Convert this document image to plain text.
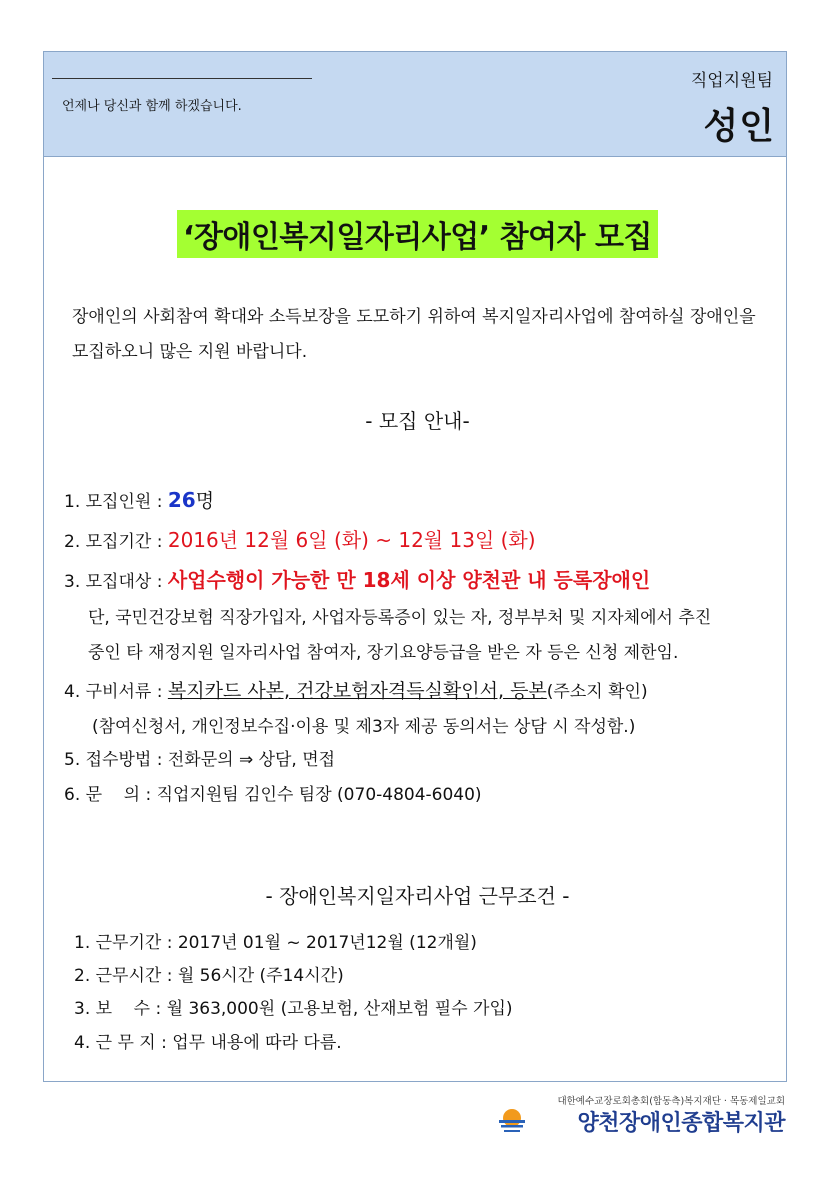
언제나 당신과 함께 하겠습니다.
직업지원팀
성인
‘장애인복지일자리사업’ 참여자 모집
장애인의 사회참여 확대와 소득보장을 도모하기 위하여 복지일자리사업에 참여하실 장애인을 모집하오니 많은 지원 바랍니다.
- 모집 안내-
1. 모집인원 : 26명
2. 모집기간 : 2016년 12월 6일 (화) ~ 12월 13일 (화)
3. 모집대상 : 사업수행이 가능한 만 18세 이상 양천관 내 등록장애인
단, 국민건강보험 직장가입자, 사업자등록증이 있는 자, 정부부처 및 지자체에서 추진
중인 타 재정지원 일자리사업 참여자, 장기요양등급을 받은 자 등은 신청 제한임.
4. 구비서류 : 복지카드 사본, 건강보험자격득실확인서, 등본(주소지 확인)
(참여신청서, 개인정보수집·이용 및 제3자 제공 동의서는 상담 시 작성함.)
5. 접수방법 : 전화문의 ⇒ 상담, 면접
6. 문    의 : 직업지원팀 김인수 팀장 (070-4804-6040)
- 장애인복지일자리사업 근무조건 -
1. 근무기간 : 2017년 01월 ~ 2017년12월 (12개월)
2. 근무시간 : 월 56시간 (주14시간)
3. 보    수 : 월 363,000원 (고용보험, 산재보험 필수 가입)
4. 근 무 지 : 업무 내용에 따라 다름.
대한예수교장로회총회(합동측)복지재단 · 목동제일교회
양천장애인종합복지관
